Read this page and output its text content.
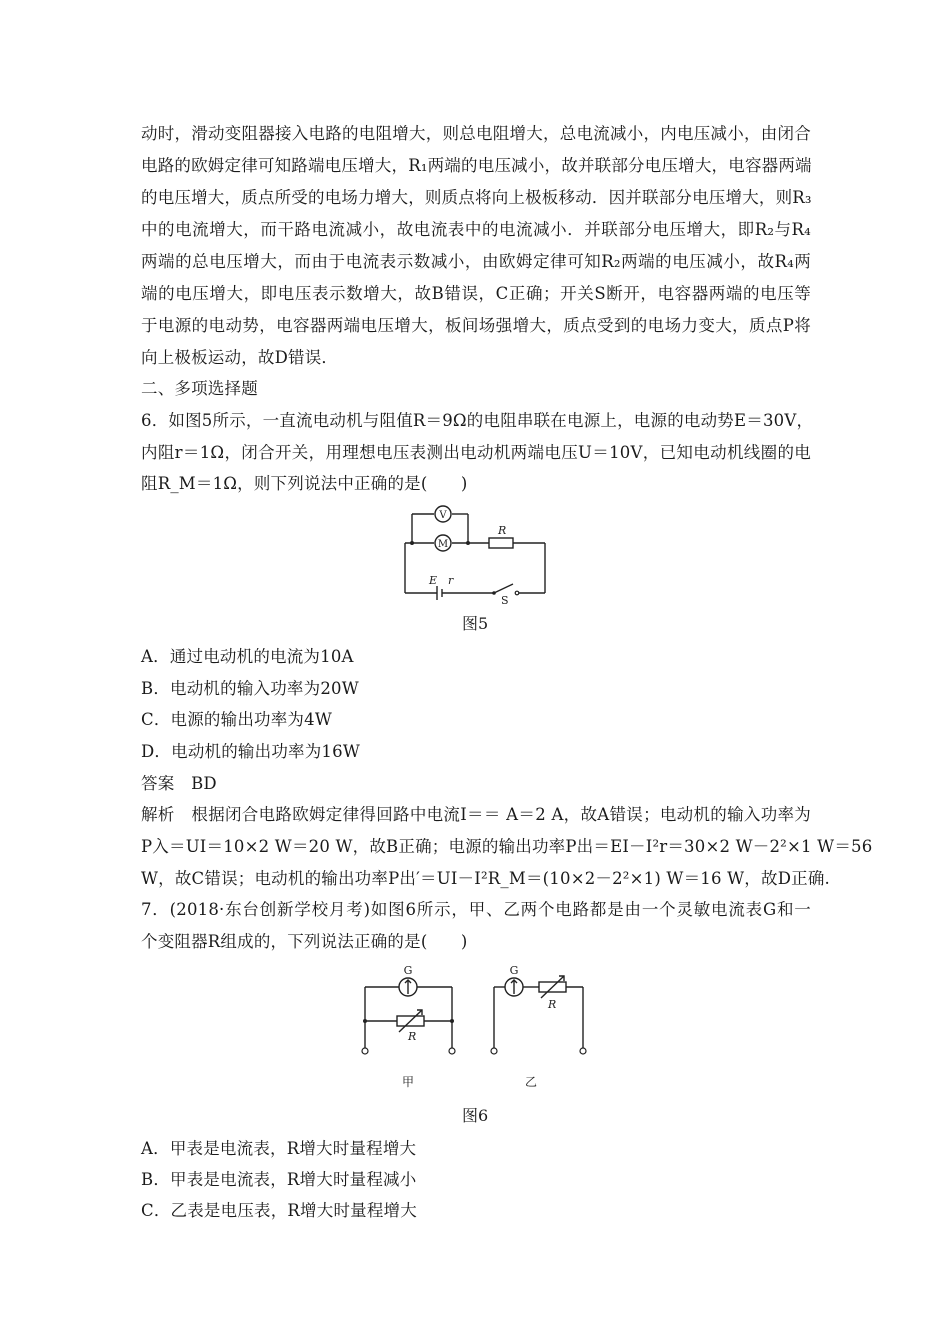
动时，滑动变阻器接入电路的电阻增大，则总电阻增大，总电流减小，内电压减小，由闭合
电路的欧姆定律可知路端电压增大，R₁两端的电压减小，故并联部分电压增大，电容器两端
的电压增大，质点所受的电场力增大，则质点将向上极板移动．因并联部分电压增大，则R₃
中的电流增大，而干路电流减小，故电流表中的电流减小．并联部分电压增大，即R₂与R₄
两端的总电压增大，而由于电流表示数减小，由欧姆定律可知R₂两端的电压减小，故R₄两
端的电压增大，即电压表示数增大，故B错误，C正确；开关S断开，电容器两端的电压等
于电源的电动势，电容器两端电压增大，板间场强增大，质点受到的电场力变大，质点P将
向上极板运动，故D错误．
二、多项选择题
6．如图5所示，一直流电动机与阻值R＝9Ω的电阻串联在电源上，电源的电动势E＝30V，
内阻r＝1Ω，闭合开关，用理想电压表测出电动机两端电压U＝10V，已知电动机线圈的电
阻R_M＝1Ω，则下列说法中正确的是(　　)
V
M
R
E r
S
图5
A．通过电动机的电流为10A
B．电动机的输入功率为20W
C．电源的输出功率为4W
D．电动机的输出功率为16W
答案　BD
解析　根据闭合电路欧姆定律得回路中电流I＝＝ A＝2 A，故A错误；电动机的输入功率为
P入＝UI＝10×2 W＝20 W，故B正确；电源的输出功率P出＝EI－I²r＝30×2 W－2²×1 W＝56
W，故C错误；电动机的输出功率P出′＝UI－I²R_M＝(10×2－2²×1) W＝16 W，故D正确.
7．(2018·东台创新学校月考)如图6所示，甲、乙两个电路都是由一个灵敏电流表G和一
个变阻器R组成的，下列说法正确的是(　　)
G
R
G
R
甲	乙
图6
A．甲表是电流表，R增大时量程增大
B．甲表是电流表，R增大时量程减小
C．乙表是电压表，R增大时量程增大
